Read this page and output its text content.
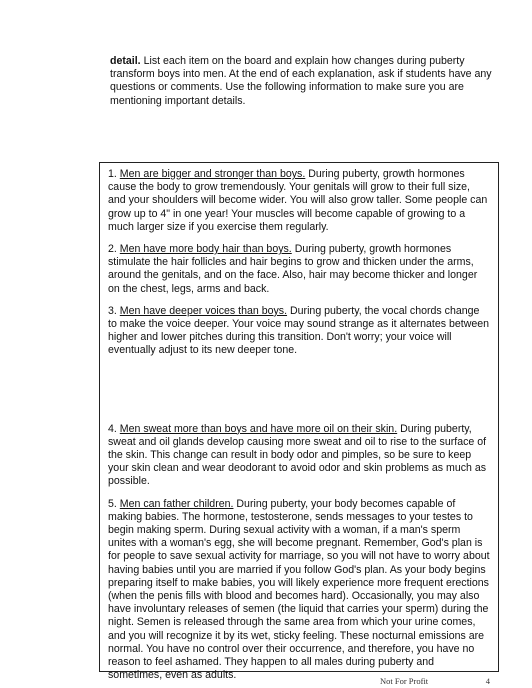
detail. List each item on the board and explain how changes during puberty transform boys into men. At the end of each explanation, ask if students have any questions or comments. Use the following information to make sure you are mentioning important details.

1. Men are bigger and stronger than boys. During puberty, growth hormones cause the body to grow tremendously. Your genitals will grow to their full size, and your shoulders will become wider. You will also grow taller. Some people can grow up to 4" in one year! Your muscles will become capable of growing to a much larger size if you exercise them regularly.

2. Men have more body hair than boys. During puberty, growth hormones stimulate the hair follicles and hair begins to grow and thicken under the arms, around the genitals, and on the face. Also, hair may become thicker and longer on the chest, legs, arms and back.

3. Men have deeper voices than boys. During puberty, the vocal chords change to make the voice deeper. Your voice may sound strange as it alternates between higher and lower pitches during this transition. Don't worry; your voice will eventually adjust to its new deeper tone.

4. Men sweat more than boys and have more oil on their skin. During puberty, sweat and oil glands develop causing more sweat and oil to rise to the surface of the skin. This change can result in body odor and pimples, so be sure to keep your skin clean and wear deodorant to avoid odor and skin problems as much as possible.

5. Men can father children. During puberty, your body becomes capable of making babies. The hormone, testosterone, sends messages to your testes to begin making sperm. During sexual activity with a woman, if a man's sperm unites with a woman's egg, she will become pregnant. Remember, God's plan is for people to save sexual activity for marriage, so you will not have to worry about having babies until you are married if you follow God's plan. As your body begins preparing itself to make babies, you will likely experience more frequent erections (when the penis fills with blood and becomes hard). Occasionally, you may also have involuntary releases of semen (the liquid that carries your sperm) during the night. Semen is released through the same area from which your urine comes, and you will recognize it by its wet, sticky feeling. These nocturnal emissions are normal. You have no control over their occurrence, and therefore, you have no reason to feel ashamed. They happen to all males during puberty and sometimes, even as adults.	Not For Profit	4
